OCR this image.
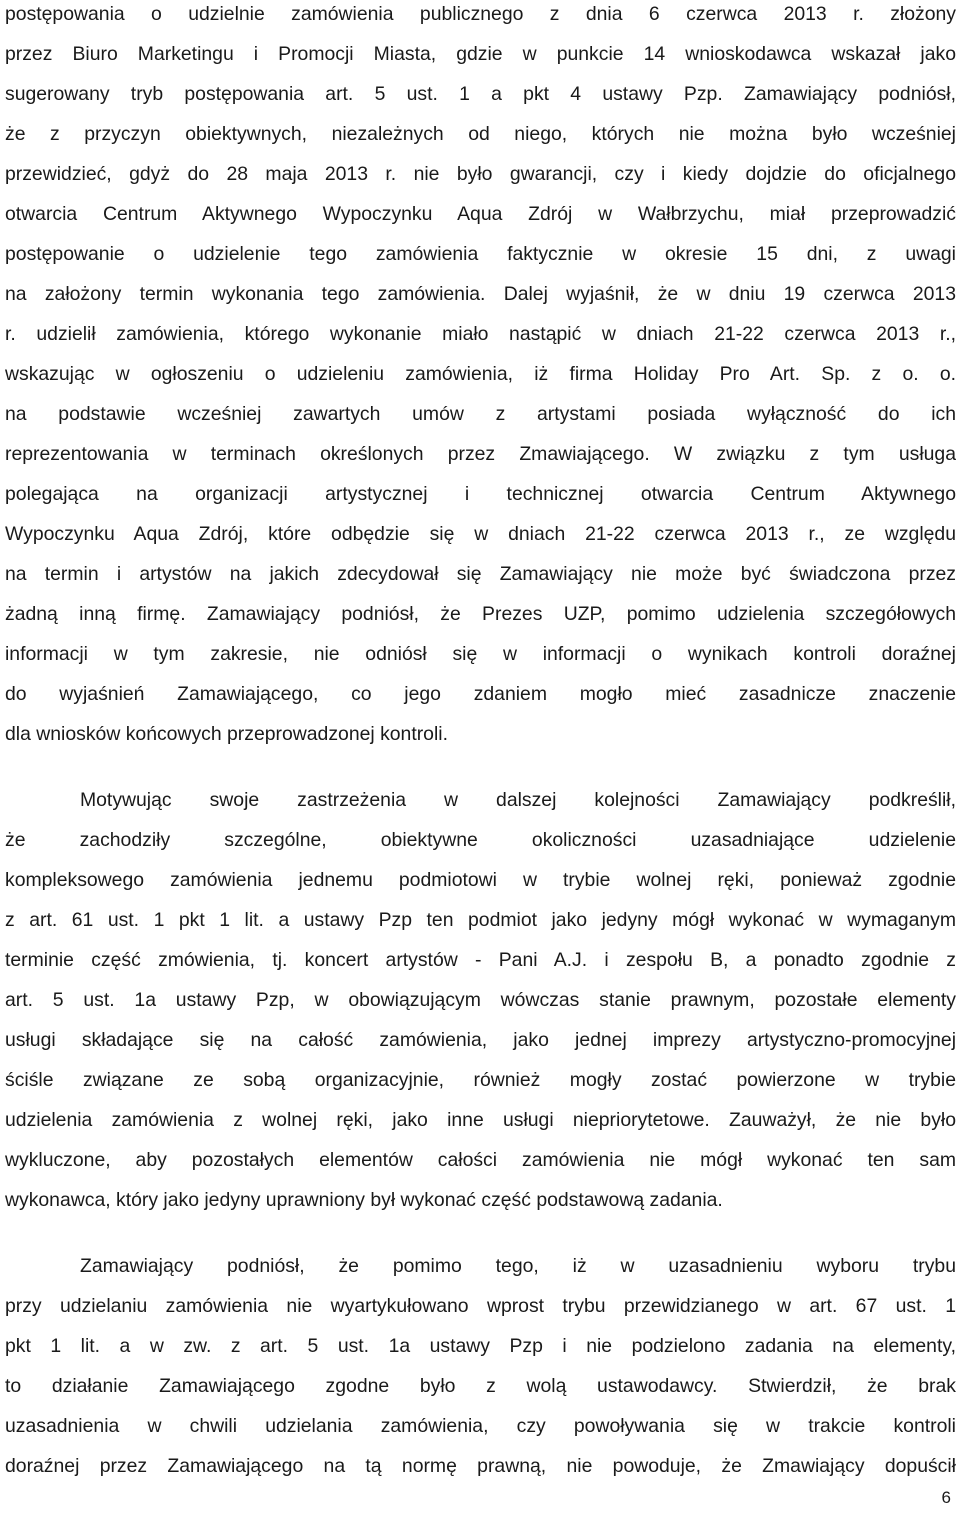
postępowania o udzielnie zamówienia publicznego z dnia 6 czerwca 2013 r. złożony
przez Biuro Marketingu i Promocji Miasta, gdzie w punkcie 14 wnioskodawca wskazał jako
sugerowany tryb postępowania art. 5 ust. 1 a pkt 4 ustawy Pzp. Zamawiający podniósł,
że z przyczyn obiektywnych, niezależnych od niego, których nie można było wcześniej
przewidzieć, gdyż do 28 maja 2013 r. nie było gwarancji, czy i kiedy dojdzie do oficjalnego
otwarcia Centrum Aktywnego Wypoczynku Aqua Zdrój w Wałbrzychu, miał przeprowadzić
postępowanie o udzielenie tego zamówienia faktycznie w okresie 15 dni, z uwagi
na założony termin wykonania tego zamówienia. Dalej wyjaśnił, że w dniu 19 czerwca 2013
r. udzielił zamówienia, którego wykonanie miało nastąpić w dniach 21-22 czerwca 2013 r.,
wskazując w ogłoszeniu o udzieleniu zamówienia, iż firma Holiday Pro Art. Sp. z o. o.
na podstawie wcześniej zawartych umów z artystami posiada wyłączność do ich
reprezentowania w terminach określonych przez Zmawiającego. W związku z tym usługa
polegająca na organizacji artystycznej i technicznej otwarcia Centrum Aktywnego
Wypoczynku Aqua Zdrój, które odbędzie się w dniach 21-22 czerwca 2013 r., ze względu
na termin i artystów na jakich zdecydował się Zamawiający nie może być świadczona przez
żadną inną firmę. Zamawiający podniósł, że Prezes UZP, pomimo udzielenia szczegółowych
informacji w tym zakresie, nie odniósł się w informacji o wynikach kontroli doraźnej
do wyjaśnień Zamawiającego, co jego zdaniem mogło mieć zasadnicze znaczenie
dla wniosków końcowych przeprowadzonej kontroli.
Motywując swoje zastrzeżenia w dalszej kolejności Zamawiający podkreślił,
że zachodziły szczególne, obiektywne okoliczności uzasadniające udzielenie
kompleksowego zamówienia jednemu podmiotowi w trybie wolnej ręki, ponieważ zgodnie
z art. 61 ust. 1 pkt 1 lit. a ustawy Pzp ten podmiot jako jedyny mógł wykonać w wymaganym
terminie część zmówienia, tj. koncert artystów - Pani A.J. i zespołu B, a ponadto zgodnie z
art. 5 ust. 1a ustawy Pzp, w obowiązującym wówczas stanie prawnym, pozostałe elementy
usługi składające się na całość zamówienia, jako jednej imprezy artystyczno-promocyjnej
ściśle związane ze sobą organizacyjnie, również mogły zostać powierzone w trybie
udzielenia zamówienia z wolnej ręki, jako inne usługi niepriorytetowe. Zauważył, że nie było
wykluczone, aby pozostałych elementów całości zamówienia nie mógł wykonać ten sam
wykonawca, który jako jedyny uprawniony był wykonać część podstawową zadania.
Zamawiający podniósł, że pomimo tego, iż w uzasadnieniu wyboru trybu
przy udzielaniu zamówienia nie wyartykułowano wprost trybu przewidzianego w art. 67 ust. 1
pkt 1 lit. a w zw. z art. 5 ust. 1a ustawy Pzp i nie podzielono zadania na elementy,
to działanie Zamawiającego zgodne było z wolą ustawodawcy. Stwierdził, że brak
uzasadnienia w chwili udzielania zamówienia, czy powoływania się w trakcie kontroli
doraźnej przez Zamawiającego na tą normę prawną, nie powoduje, że Zmawiający dopuścił
6
